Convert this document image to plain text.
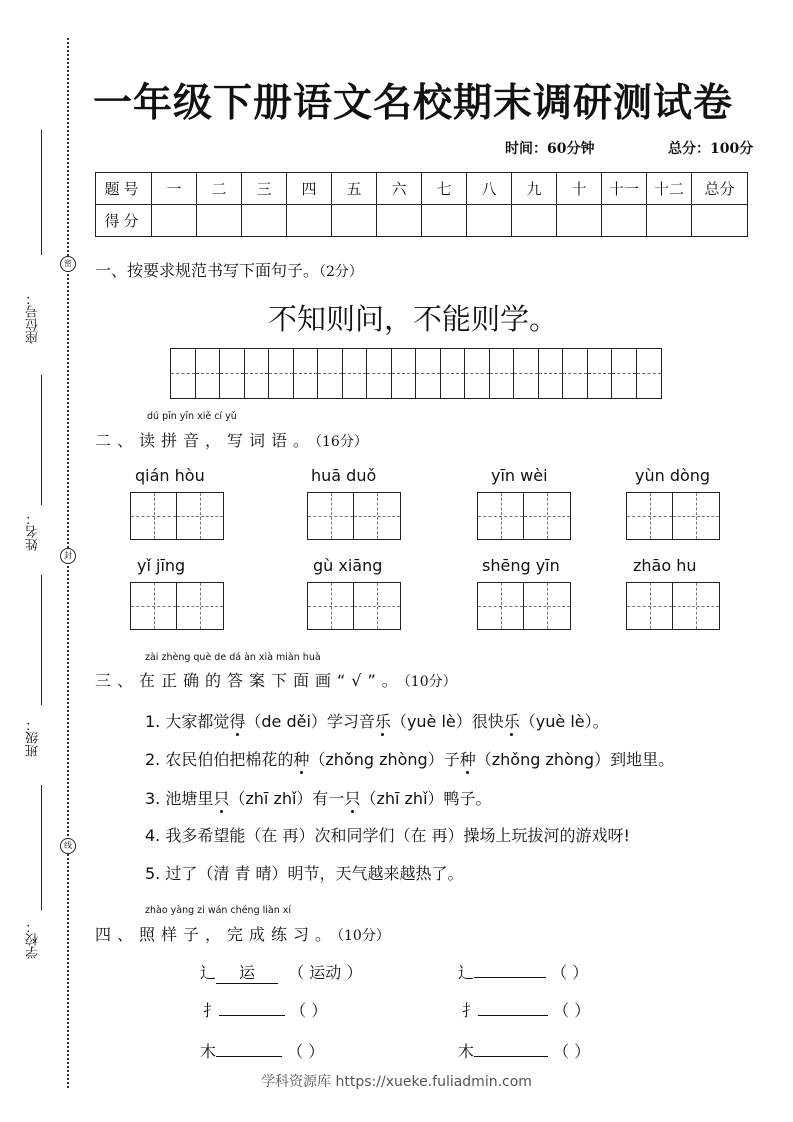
座位号：
姓名：
班级：
学校：
密
封
线
一年级下册语文名校期末调研测试卷
时间：60分钟	总分：100分
题号	一	二	三	四	五	六	七	八	九	十	十一	十二	总分
得分													
一、按要求规范书写下面句子。（2分）
不知则问，不能则学。
dú pīn yīn xiě cí yǔ
二、读拼音，写词语。（16分）
qián hòu	huā duǒ	yīn wèi	yùn dòng
yǐ jīng	gù xiāng	shēng yīn	zhāo hu
zài zhèng què de dá àn xià miàn huà
三、在正确的答案下面画“√”。（10分）
1. 大家都觉得（de děi）学习音乐（yuè lè）很快乐（yuè lè）。
2. 农民伯伯把棉花的种（zhǒng zhòng）子种（zhǒng zhòng）到地里。
3. 池塘里只（zhī zhǐ）有一只（zhī zhǐ）鸭子。
4. 我多希望能（在 再）次和同学们（在 再）操场上玩拔河的游戏呀!
5. 过了（清 青 晴）明节，天气越来越热了。
zhào yàng zi wán chéng liàn xí
四、照样子，完成练习。（10分）
辶 运 （ 运动 ）	辶	（ ）
扌	（ ）	扌	（ ）
木	（ ）	木	（ ）
学科资源库 https://xueke.fuliadmin.com
